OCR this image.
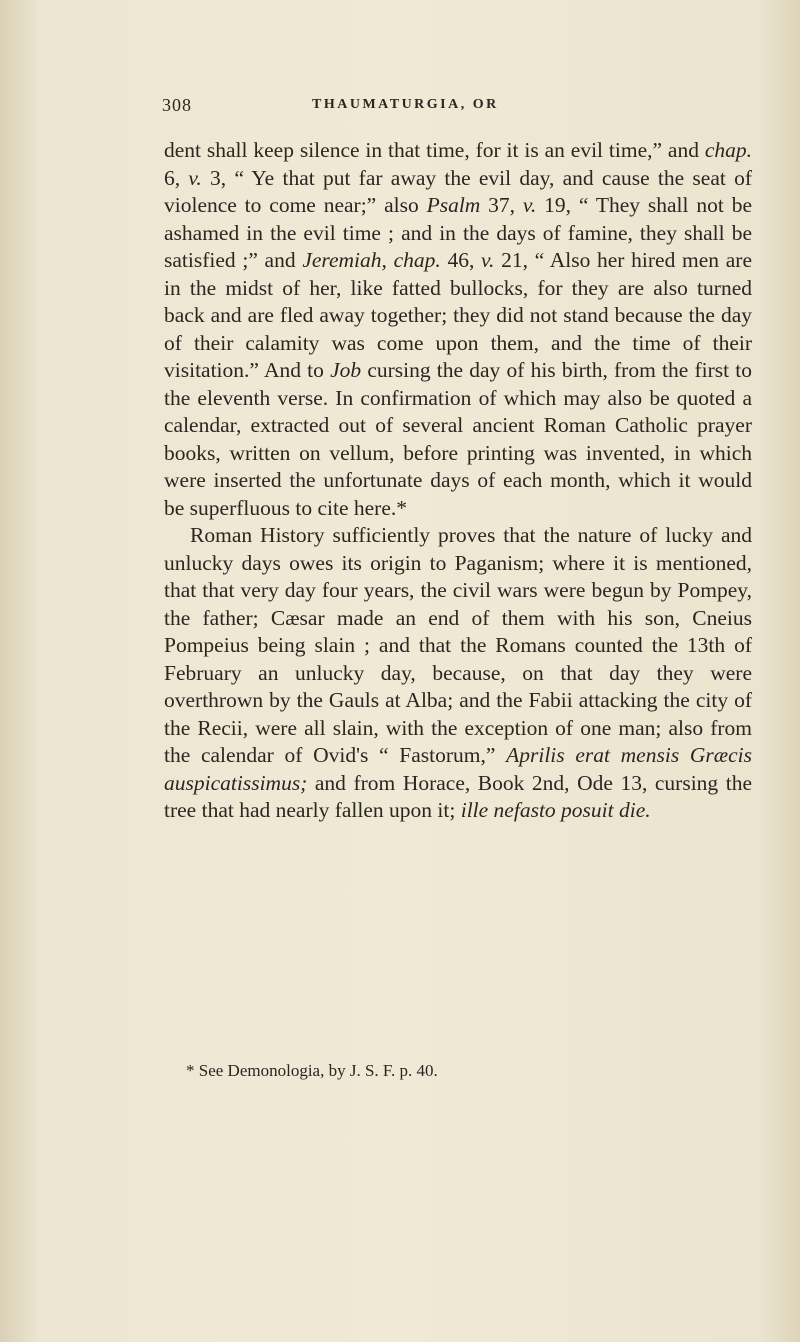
308	THAUMATURGIA, OR

dent shall keep silence in that time, for it is an evil time,” and chap. 6, v. 3, “ Ye that put far away the evil day, and cause the seat of violence to come near;” also Psalm 37, v. 19, “ They shall not be ashamed in the evil time ; and in the days of famine, they shall be satisfied ;” and Jeremiah, chap. 46, v. 21, “ Also her hired men are in the midst of her, like fatted bullocks, for they are also turned back and are fled away together; they did not stand because the day of their calamity was come upon them, and the time of their visitation.” And to Job cursing the day of his birth, from the first to the eleventh verse. In confirmation of which may also be quoted a calendar, extracted out of several ancient Roman Catholic prayer books, written on vellum, before printing was invented, in which were inserted the unfortunate days of each month, which it would be superfluous to cite here.*

Roman History sufficiently proves that the nature of lucky and unlucky days owes its origin to Paganism; where it is mentioned, that that very day four years, the civil wars were begun by Pompey, the father; Cæsar made an end of them with his son, Cneius Pompeius being slain ; and that the Romans counted the 13th of February an unlucky day, because, on that day they were overthrown by the Gauls at Alba; and the Fabii attacking the city of the Recii, were all slain, with the exception of one man; also from the calendar of Ovid's “ Fastorum,” Aprilis erat mensis Græcis auspicatissimus; and from Horace, Book 2nd, Ode 13, cursing the tree that had nearly fallen upon it; ille nefasto posuit die.

* See Demonologia, by J. S. F. p. 40.
